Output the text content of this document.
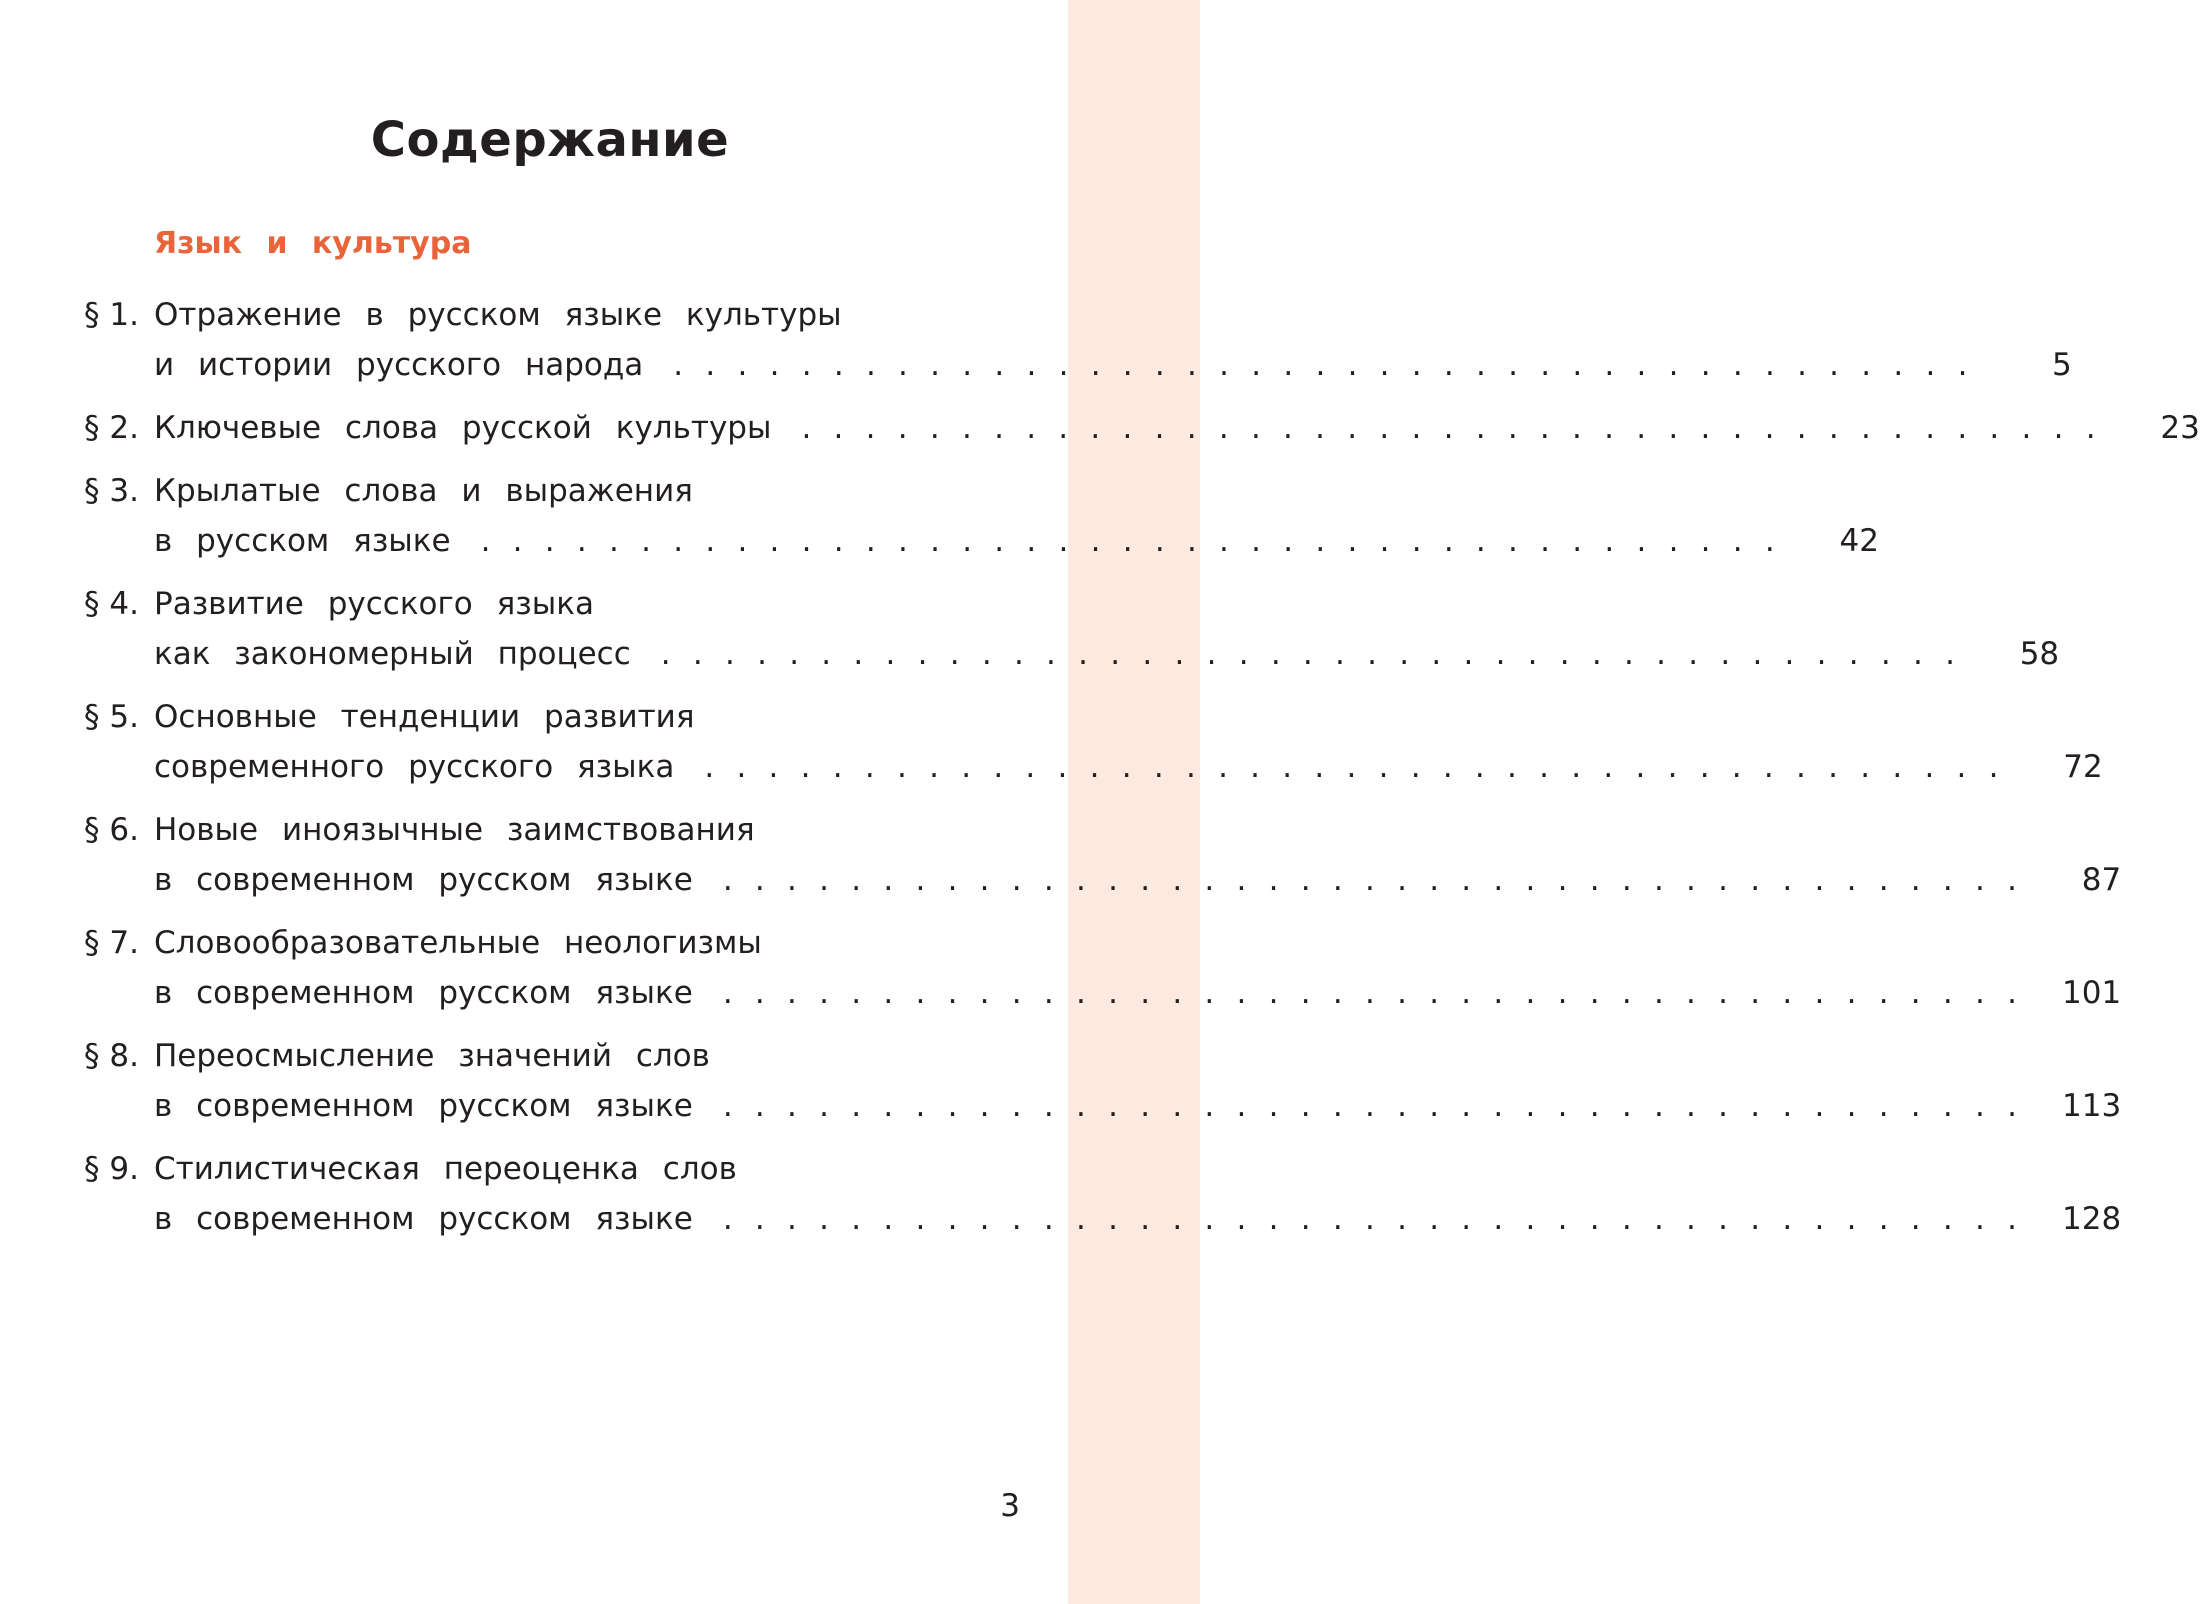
Содержание
Язык и культура
§ 1. Отражение в русском языке культуры
и истории русского народа . . . . . . . . . . . . . . . . . . . . . . . . . . . . . . . . . . . . . . . . .	5
§ 2. Ключевые слова русской культуры . . . . . . . . . . . . . . . . . . . . . . . . . . . . . . . . . . . . . . . . .	23
§ 3. Крылатые слова и выражения
в русском языке . . . . . . . . . . . . . . . . . . . . . . . . . . . . . . . . . . . . . . . . .	42
§ 4. Развитие русского языка
как закономерный процесс . . . . . . . . . . . . . . . . . . . . . . . . . . . . . . . . . . . . . . . . .	58
§ 5. Основные тенденции развития
современного русского языка . . . . . . . . . . . . . . . . . . . . . . . . . . . . . . . . . . . . . . . . .	72
§ 6. Новые иноязычные заимствования
в современном русском языке . . . . . . . . . . . . . . . . . . . . . . . . . . . . . . . . . . . . . . . . .	87
§ 7. Словообразовательные неологизмы
в современном русском языке . . . . . . . . . . . . . . . . . . . . . . . . . . . . . . . . . . . . . . . . .	101
§ 8. Переосмысление значений слов
в современном русском языке . . . . . . . . . . . . . . . . . . . . . . . . . . . . . . . . . . . . . . . . .	113
§ 9. Стилистическая переоценка слов
в современном русском языке . . . . . . . . . . . . . . . . . . . . . . . . . . . . . . . . . . . . . . . . .	128
3
